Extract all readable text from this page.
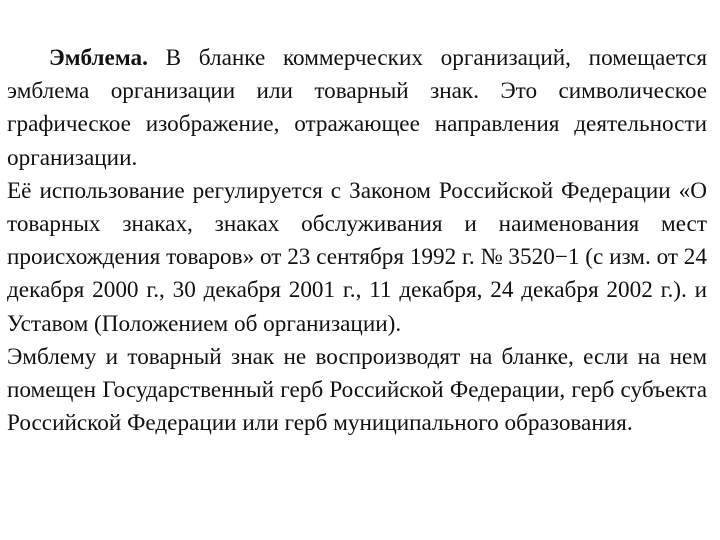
Эмблема. В бланке коммерческих организаций, помещается эмблема организации или товарный знак. Это символическое графическое изображение, отражающее направления деятельности организации.

Её использование регулируется с Законом Российской Федерации «О товарных знаках, знаках обслуживания и наименования мест происхождения товаров» от 23 сентября 1992 г. № 3520−1 (с изм. от 24 декабря 2000 г., 30 декабря 2001 г., 11 декабря, 24 декабря 2002 г.). и Уставом (Положением об организации).

Эмблему и товарный знак не воспроизводят на бланке, если на нем помещен Государственный герб Российской Федерации, герб субъекта Российской Федерации или герб муниципального образования.
